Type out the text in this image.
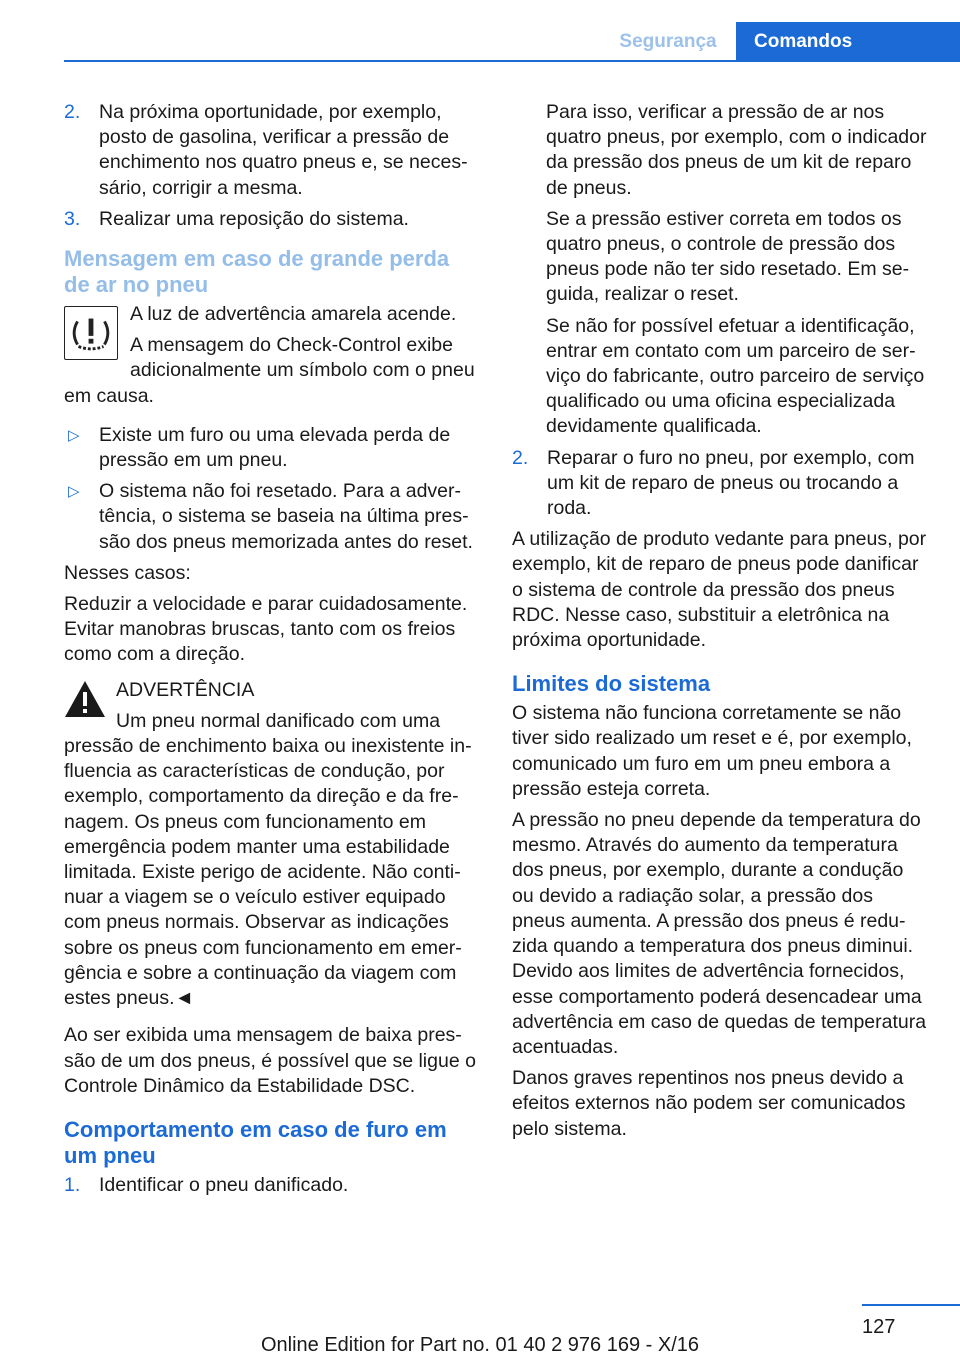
Segurança	Comandos
2. Na próxima oportunidade, por exemplo, posto de gasolina, verificar a pressão de enchimento nos quatro pneus e, se necessário, corrigir a mesma.
3. Realizar uma reposição do sistema.
Mensagem em caso de grande perda de ar no pneu

A luz de advertência amarela acende.

A mensagem do Check-Control exibe adicionalmente um símbolo com o pneu em causa.

▷ Existe um furo ou uma elevada perda de pressão em um pneu.
▷ O sistema não foi resetado. Para a advertência, o sistema se baseia na última pressão dos pneus memorizada antes do reset.

Nesses casos:

Reduzir a velocidade e parar cuidadosamente. Evitar manobras bruscas, tanto com os freios como com a direção.

ADVERTÊNCIA

Um pneu normal danificado com uma pressão de enchimento baixa ou inexistente influencia as características de condução, por exemplo, comportamento da direção e da frenagem. Os pneus com funcionamento em emergência podem manter uma estabilidade limitada. Existe perigo de acidente. Não continuar a viagem se o veículo estiver equipado com pneus normais. Observar as indicações sobre os pneus com funcionamento em emergência e sobre a continuação da viagem com estes pneus.◄

Ao ser exibida uma mensagem de baixa pressão de um dos pneus, é possível que se ligue o Controle Dinâmico da Estabilidade DSC.

Comportamento em caso de furo em um pneu
1. Identificar o pneu danificado.

Para isso, verificar a pressão de ar nos quatro pneus, por exemplo, com o indicador da pressão dos pneus de um kit de reparo de pneus.

Se a pressão estiver correta em todos os quatro pneus, o controle de pressão dos pneus pode não ter sido resetado. Em seguida, realizar o reset.

Se não for possível efetuar a identificação, entrar em contato com um parceiro de serviço do fabricante, outro parceiro de serviço qualificado ou uma oficina especializada devidamente qualificada.

2. Reparar o furo no pneu, por exemplo, com um kit de reparo de pneus ou trocando a roda.

A utilização de produto vedante para pneus, por exemplo, kit de reparo de pneus pode danificar o sistema de controle da pressão dos pneus RDC. Nesse caso, substituir a eletrônica na próxima oportunidade.

Limites do sistema

O sistema não funciona corretamente se não tiver sido realizado um reset e é, por exemplo, comunicado um furo em um pneu embora a pressão esteja correta.

A pressão no pneu depende da temperatura do mesmo. Através do aumento da temperatura dos pneus, por exemplo, durante a condução ou devido a radiação solar, a pressão dos pneus aumenta. A pressão dos pneus é reduzida quando a temperatura dos pneus diminui. Devido aos limites de advertência fornecidos, esse comportamento poderá desencadear uma advertência em caso de quedas de temperatura acentuadas.

Danos graves repentinos nos pneus devido a efeitos externos não podem ser comunicados pelo sistema.

127
Online Edition for Part no. 01 40 2 976 169 - X/16
